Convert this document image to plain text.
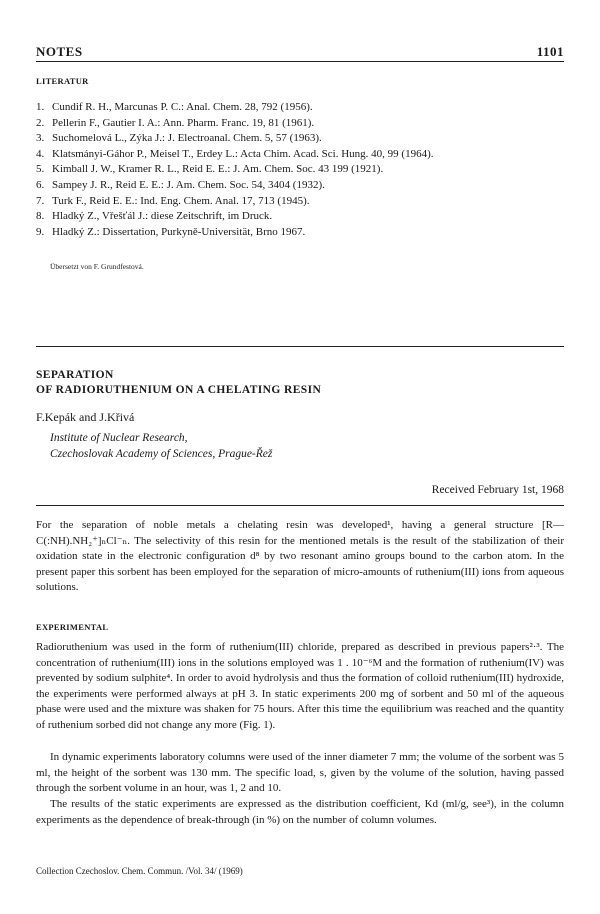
NOTES	1101
LITERATUR
1. Cundif R. H., Marcunas P. C.: Anal. Chem. 28, 792 (1956).
2. Pellerin F., Gautier I. A.: Ann. Pharm. Franc. 19, 81 (1961).
3. Suchomelová L., Zýka J.: J. Electroanal. Chem. 5, 57 (1963).
4. Klatsmányi-Gáhor P., Meisel T., Erdey L.: Acta Chim. Acad. Sci. Hung. 40, 99 (1964).
5. Kimball J. W., Kramer R. L., Reid E. E.: J. Am. Chem. Soc. 43 199 (1921).
6. Sampey J. R., Reid E. E.: J. Am. Chem. Soc. 54, 3404 (1932).
7. Turk F., Reid E. E.: Ind. Eng. Chem. Anal. 17, 713 (1945).
8. Hladký Z., Vřešťál J.: diese Zeitschrift, im Druck.
9. Hladký Z.: Dissertation, Purkyně-Universität, Brno 1967.
Übersetzt von F. Grundfestová.
SEPARATION
OF RADIORUTHENIUM ON A CHELATING RESIN
F.Kepák and J.Křivá
Institute of Nuclear Research,
Czechoslovak Academy of Sciences, Prague-Řež
Received February 1st, 1968

For the separation of noble metals a chelating resin was developed¹, having a general structure [R—C(:NH).NH₂⁺]ₙCl⁻ₙ. The selectivity of this resin for the mentioned metals is the result of the stabilization of their oxidation state in the electronic configuration d⁸ by two resonant amino groups bound to the carbon atom. In the present paper this sorbent has been employed for the separation of micro-amounts of ruthenium(III) ions from aqueous solutions.

EXPERIMENTAL

Radioruthenium was used in the form of ruthenium(III) chloride, prepared as described in previous papers²·³. The concentration of ruthenium(III) ions in the solutions employed was 1 . 10⁻⁶M and the formation of ruthenium(IV) was prevented by sodium sulphite⁴. In order to avoid hydrolysis and thus the formation of colloid ruthenium(III) hydroxide, the experiments were performed always at pH 3. In static experiments 200 mg of sorbent and 50 ml of the aqueous phase were used and the mixture was shaken for 75 hours. After this time the equilibrium was reached and the quantity of ruthenium sorbed did not change any more (Fig. 1).

In dynamic experiments laboratory columns were used of the inner diameter 7 mm; the volume of the sorbent was 5 ml, the height of the sorbent was 130 mm. The specific load, s, given by the volume of the solution, having passed through the sorbent volume in an hour, was 1, 2 and 10.

The results of the static experiments are expressed as the distribution coefficient, Kd (ml/g, see³), in the column experiments as the dependence of break-through (in %) on the number of column volumes.

Collection Czechoslov. Chem. Commun. /Vol. 34/ (1969)
